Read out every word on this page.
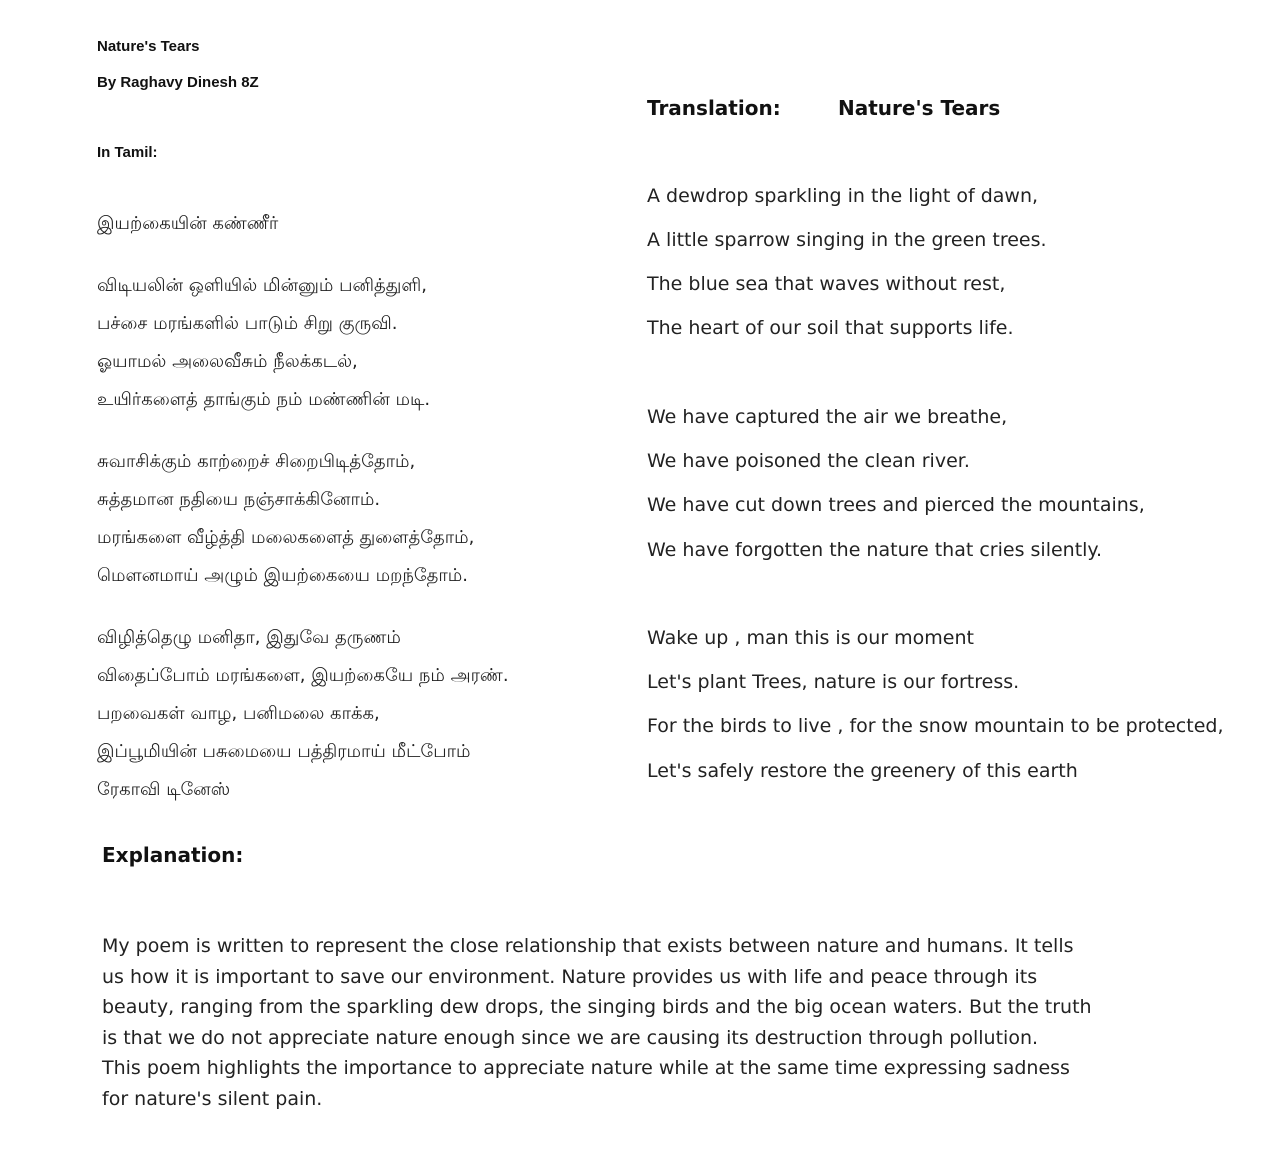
Nature's Tears
By Raghavy Dinesh 8Z
In Tamil:
இயற்கையின் கண்ணீர்
விடியலின் ஒளியில் மின்னும் பனித்துளி,
பச்சை மரங்களில் பாடும் சிறு குருவி.
ஓயாமல் அலைவீசும் நீலக்கடல்,
உயிர்களைத் தாங்கும் நம் மண்ணின் மடி.
சுவாசிக்கும் காற்றைச் சிறைபிடித்தோம்,
சுத்தமான நதியை நஞ்சாக்கினோம்.
மரங்களை வீழ்த்தி மலைகளைத் துளைத்தோம்,
மௌனமாய் அழும் இயற்கையை மறந்தோம்.
விழித்தெழு மனிதா, இதுவே தருணம்
விதைப்போம் மரங்களை, இயற்கையே நம் அரண்.
பறவைகள் வாழ, பனிமலை காக்க,
இப்பூமியின் பசுமையை பத்திரமாய் மீட்போம்
ரேகாவி டினேஸ்
Translation:	Nature's Tears
A dewdrop sparkling in the light of dawn,
A little sparrow singing in the green trees.
The blue sea that waves without rest,
The heart of our soil that supports life.
We have captured the air we breathe,
We have poisoned the clean river.
We have cut down trees and pierced the mountains,
We have forgotten the nature that cries silently.
Wake up , man this is our moment
Let's plant Trees, nature is our fortress.
For the birds to live , for the snow mountain to be protected,
Let's safely restore the greenery of this earth
Explanation:
My poem is written to represent the close relationship that exists between nature and humans. It tells
us how it is important to save our environment. Nature provides us with life and peace through its
beauty, ranging from the sparkling dew drops, the singing birds and the big ocean waters. But the truth
is that we do not appreciate nature enough since we are causing its destruction through pollution.
This poem highlights the importance to appreciate nature while at the same time expressing sadness
for nature's silent pain.
